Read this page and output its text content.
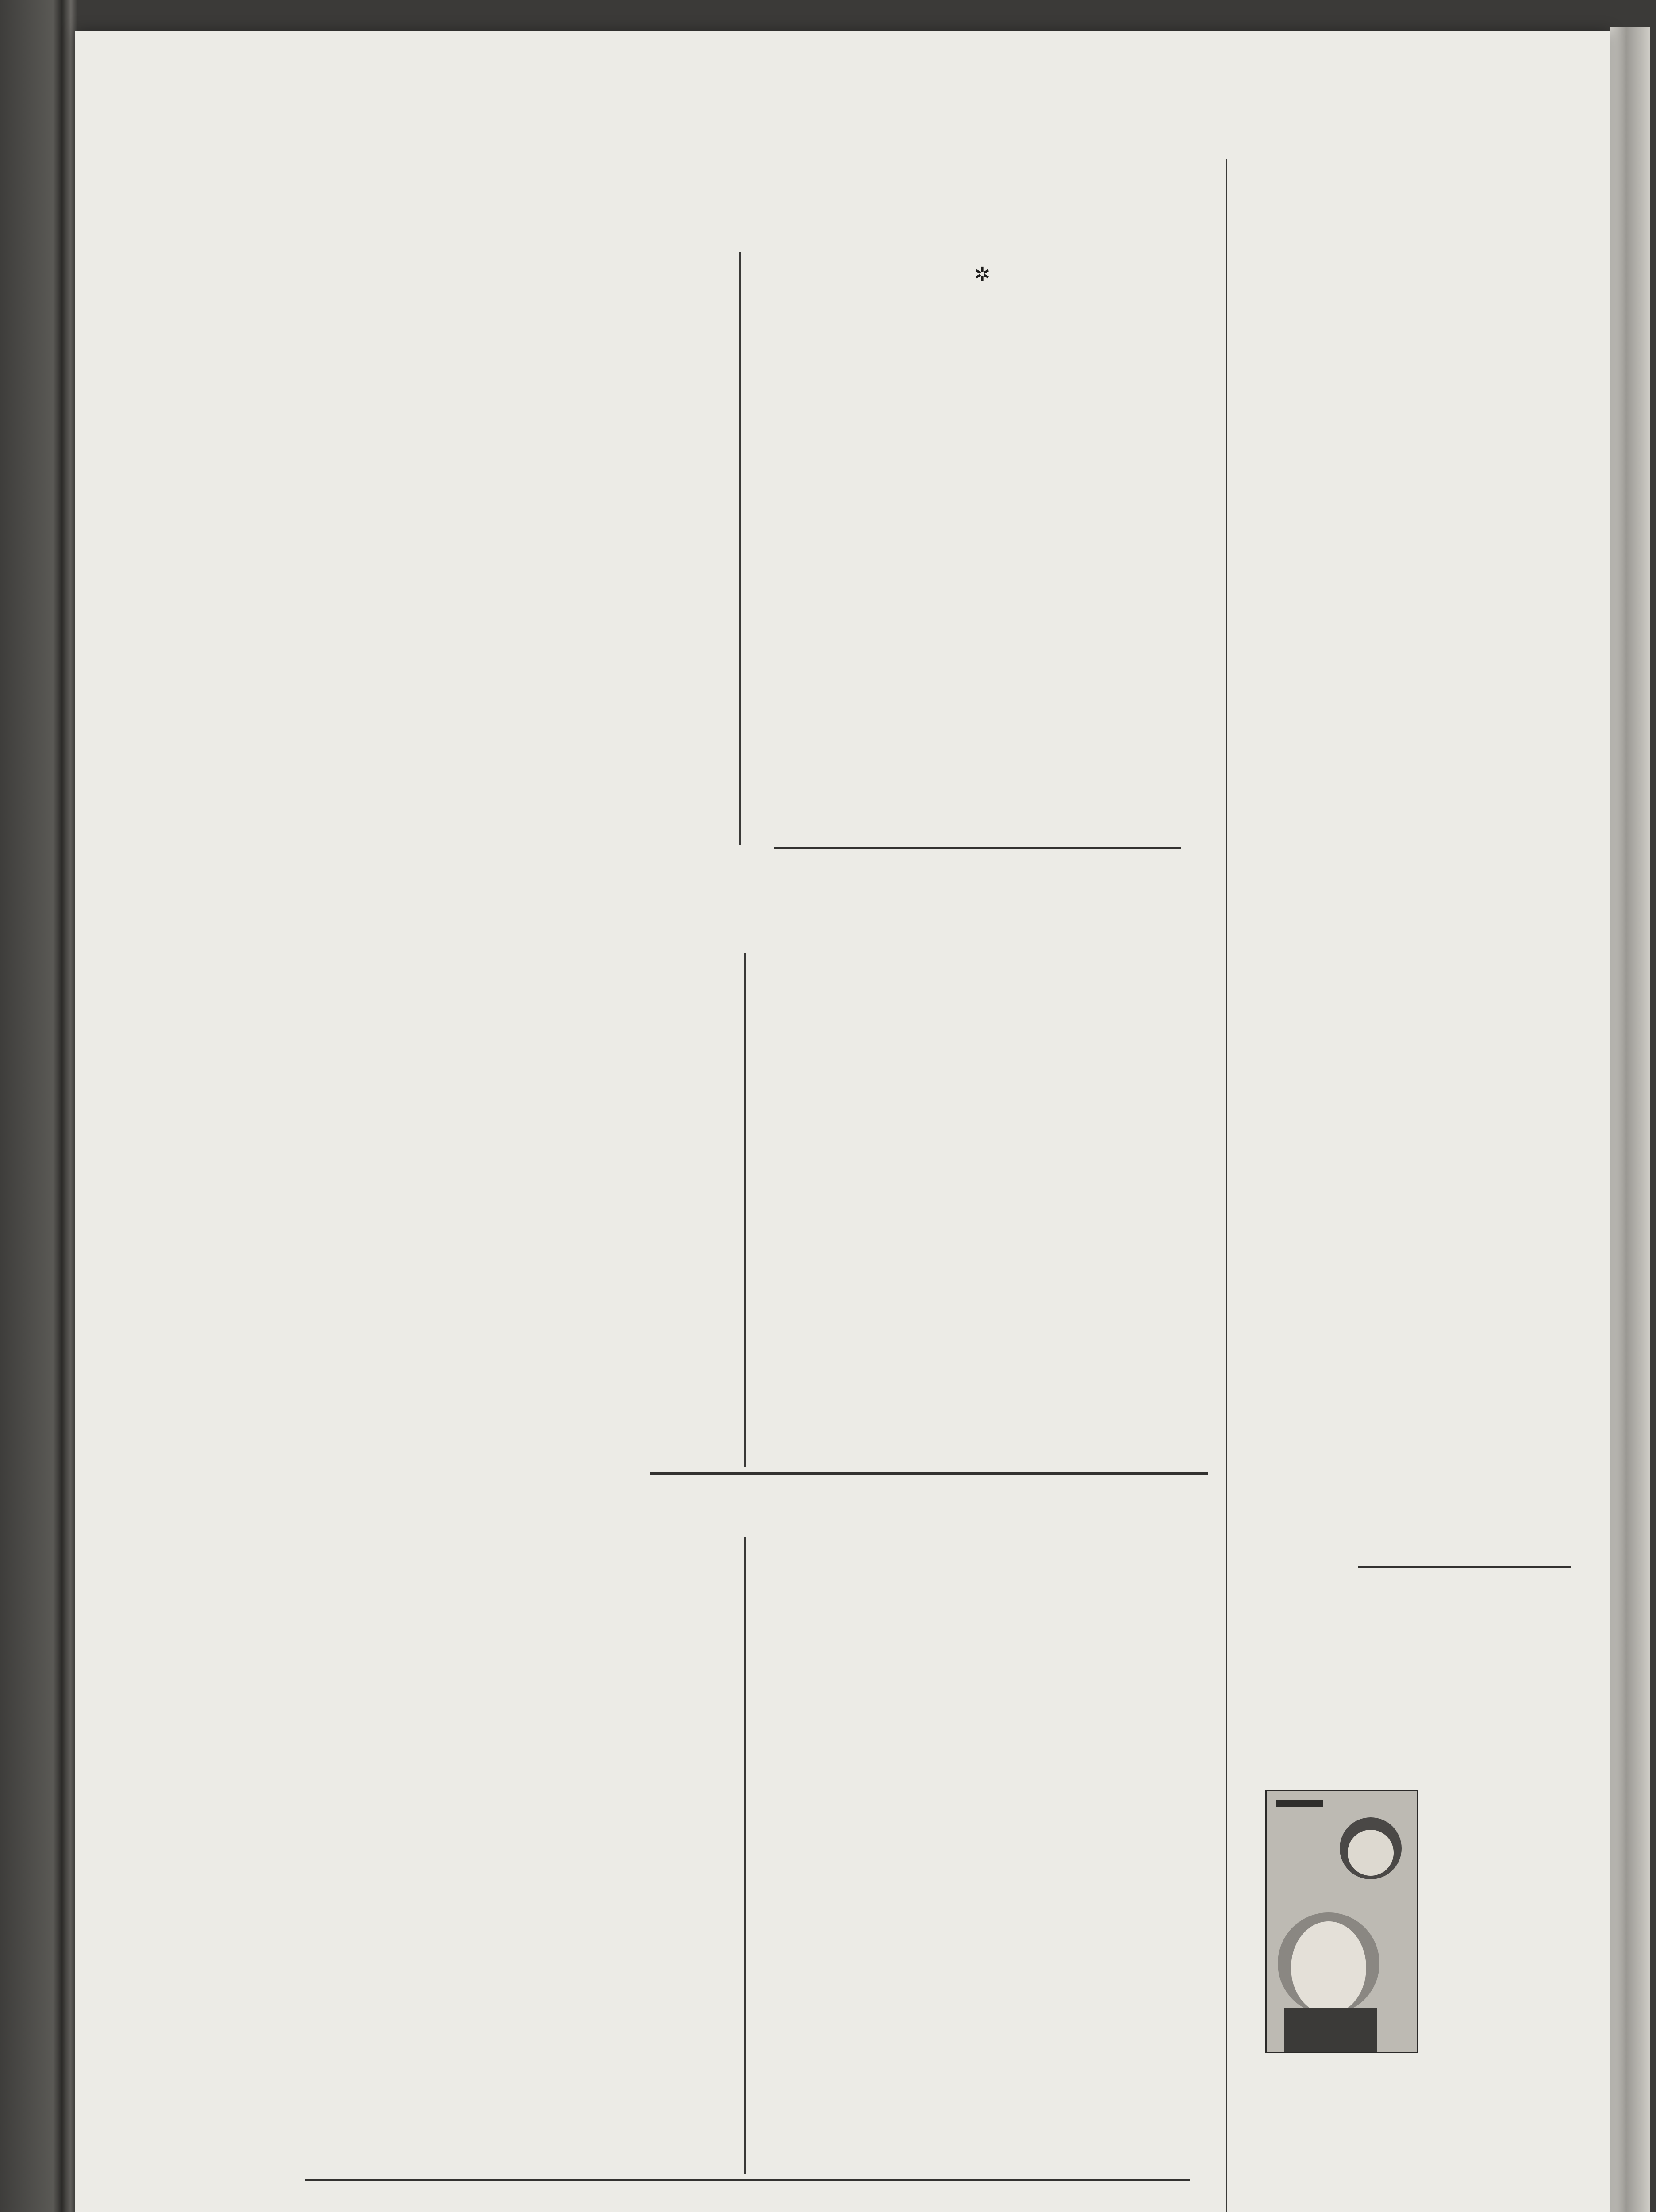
✲
